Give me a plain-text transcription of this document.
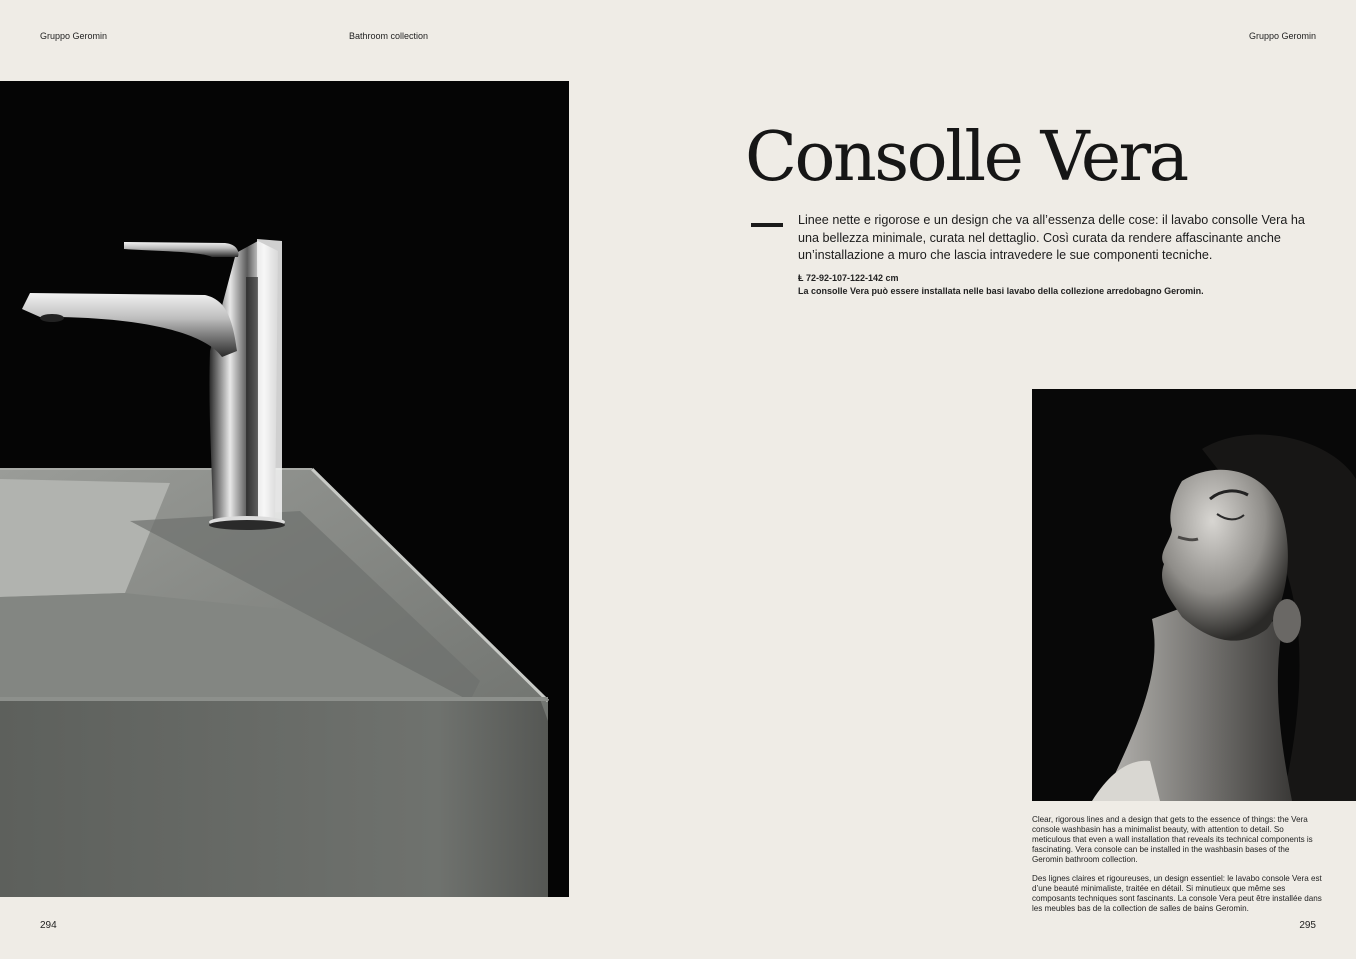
Gruppo Geromin	Bathroom collection	Gruppo Geromin
Consolle Vera

Linee nette e rigorose e un design che va all’essenza delle cose: il lavabo consolle Vera ha una bellezza minimale, curata nel dettaglio. Così curata da rendere affascinante anche un’installazione a muro che lascia intravedere le sue componenti tecniche.

Ⱡ 72-92-107-122-142 cm
La consolle Vera può essere installata nelle basi lavabo della collezione arredobagno Geromin.

Clear, rigorous lines and a design that gets to the essence of things: the Vera console washbasin has a minimalist beauty, with attention to detail. So meticulous that even a wall installation that reveals its technical components is fascinating. Vera console can be installed in the washbasin bases of the Geromin bathroom collection.

Des lignes claires et rigoureuses, un design essentiel: le lavabo console Vera est d’une beauté minimaliste, traitée en détail. Si minutieux que même ses composants techniques sont fascinants. La console Vera peut être installée dans les meubles bas de la collection de salles de bains Geromin.

294	295
